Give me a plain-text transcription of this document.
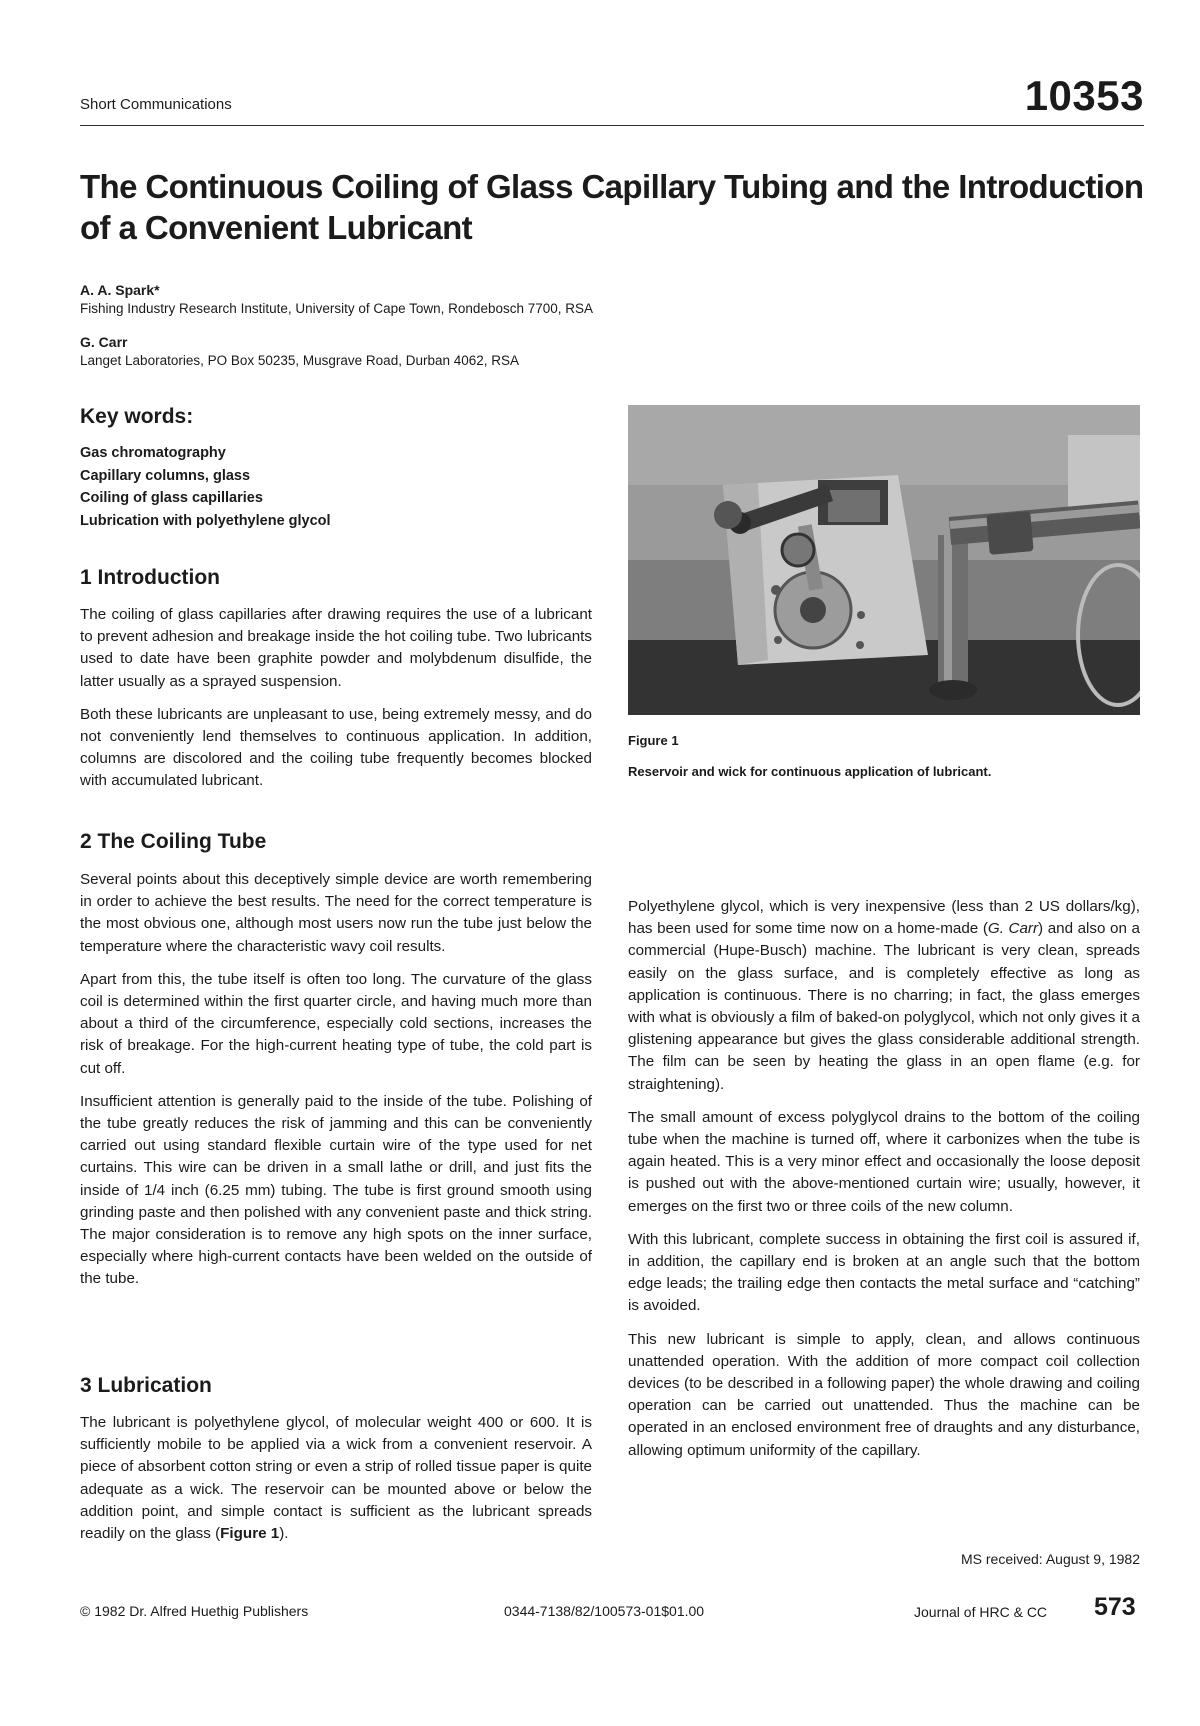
Short Communications	10353
The Continuous Coiling of Glass Capillary Tubing and the Introduction of a Convenient Lubricant
A. A. Spark*
Fishing Industry Research Institute, University of Cape Town, Rondebosch 7700, RSA
G. Carr
Langet Laboratories, PO Box 50235, Musgrave Road, Durban 4062, RSA
Key words:
Gas chromatography
Capillary columns, glass
Coiling of glass capillaries
Lubrication with polyethylene glycol
1 Introduction

The coiling of glass capillaries after drawing requires the use of a lubricant to prevent adhesion and breakage inside the hot coiling tube. Two lubricants used to date have been graphite powder and molybdenum disulfide, the latter usually as a sprayed suspension.

Both these lubricants are unpleasant to use, being extremely messy, and do not conveniently lend themselves to continuous application. In addition, columns are discolored and the coiling tube frequently becomes blocked with accumulated lubricant.

Figure 1
Reservoir and wick for continuous application of lubricant.
2 The Coiling Tube

Several points about this deceptively simple device are worth remembering in order to achieve the best results. The need for the correct temperature is the most obvious one, although most users now run the tube just below the temperature where the characteristic wavy coil results.

Apart from this, the tube itself is often too long. The curvature of the glass coil is determined within the first quarter circle, and having much more than about a third of the circumference, especially cold sections, increases the risk of breakage. For the high-current heating type of tube, the cold part is cut off.

Insufficient attention is generally paid to the inside of the tube. Polishing of the tube greatly reduces the risk of jamming and this can be conveniently carried out using standard flexible curtain wire of the type used for net curtains. This wire can be driven in a small lathe or drill, and just fits the inside of 1/4 inch (6.25 mm) tubing. The tube is first ground smooth using grinding paste and then polished with any convenient paste and thick string. The major consideration is to remove any high spots on the inner surface, especially where high-current contacts have been welded on the outside of the tube.

3 Lubrication

The lubricant is polyethylene glycol, of molecular weight 400 or 600. It is sufficiently mobile to be applied via a wick from a convenient reservoir. A piece of absorbent cotton string or even a strip of rolled tissue paper is quite adequate as a wick. The reservoir can be mounted above or below the addition point, and simple contact is sufficient as the lubricant spreads readily on the glass (Figure 1).

Polyethylene glycol, which is very inexpensive (less than 2 US dollars/kg), has been used for some time now on a home-made (G. Carr) and also on a commercial (Hupe-Busch) machine. The lubricant is very clean, spreads easily on the glass surface, and is completely effective as long as application is continuous. There is no charring; in fact, the glass emerges with what is obviously a film of baked-on polyglycol, which not only gives it a glistening appearance but gives the glass considerable additional strength. The film can be seen by heating the glass in an open flame (e.g. for straightening).

The small amount of excess polyglycol drains to the bottom of the coiling tube when the machine is turned off, where it carbonizes when the tube is again heated. This is a very minor effect and occasionally the loose deposit is pushed out with the above-mentioned curtain wire; usually, however, it emerges on the first two or three coils of the new column.

With this lubricant, complete success in obtaining the first coil is assured if, in addition, the capillary end is broken at an angle such that the bottom edge leads; the trailing edge then contacts the metal surface and “catching” is avoided.

This new lubricant is simple to apply, clean, and allows continuous unattended operation. With the addition of more compact coil collection devices (to be described in a following paper) the whole drawing and coiling operation can be carried out unattended. Thus the machine can be operated in an enclosed environment free of draughts and any disturbance, allowing optimum uniformity of the capillary.

MS received: August 9, 1982
© 1982 Dr. Alfred Huethig Publishers	0344-7138/82/100573-01$01.00	Journal of HRC & CC 573
